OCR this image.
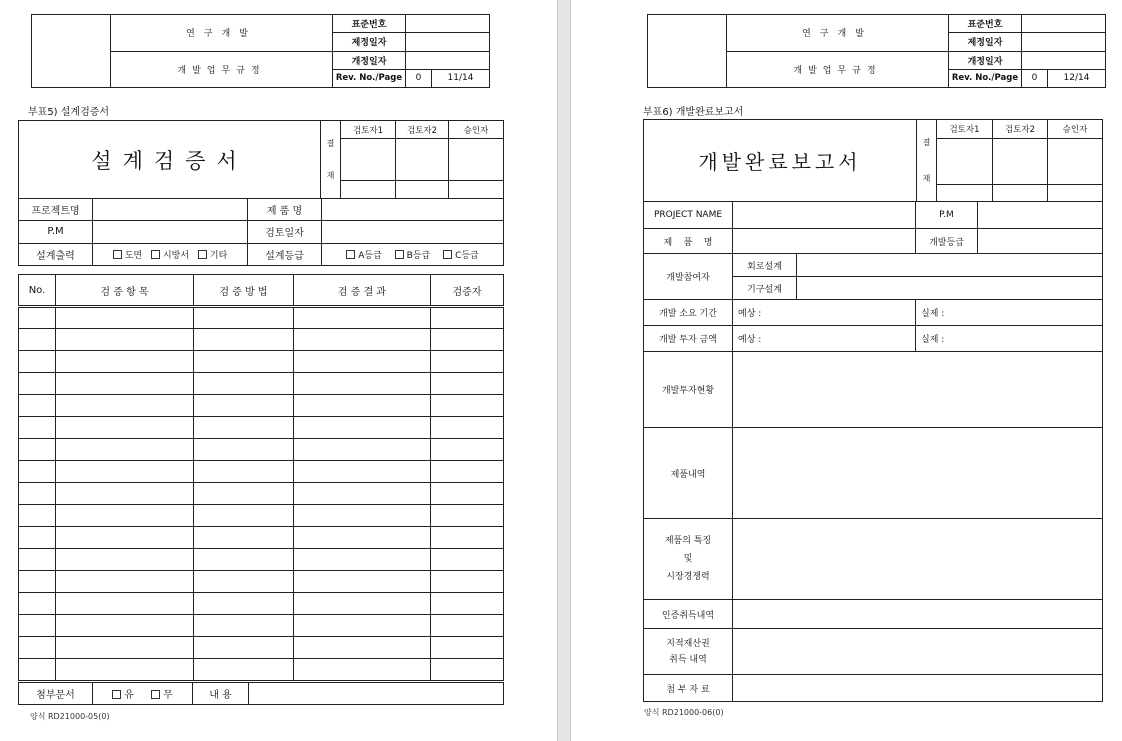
	연구개발	표준번호		
		제정일자		
	개발업무규정	개정일자		
		Rev. No./Page	0	11/14
부표5) 설계검증서
설계검증서	결
재	검토자1	검토자2	승인자

프로젝트명		제 품 명	
P.M		검토일자	
설계출력	도면 시방서 기타	설계등급	A등급 B등급 C등급
No.	검 증 항 목	검 증 방 법	검 증 결 과	검증자

첨부문서	유	무	내 용	
양식 RD21000-05(0)
	연구개발	표준번호		
		제정일자		
	개발업무규정	개정일자		
		Rev. No./Page	0	12/14
부표6) 개발완료보고서
개발완료보고서	결
재	검토자1	검토자2	승인자

PROJECT NAME			P.M	
제    품    명			개발등급	
개발참여자	회로설계			
	기구설계			
개발 소요 기간	예상 :		실제 :	
개발 투자 금액	예상 :		실제 :	
개발투자현황				
제품내역				

제품의 특징
및
시장경쟁력				

인증취득내역				

지적재산권
취득 내역				

첨 부 자 료				
양식 RD21000-06(0)
